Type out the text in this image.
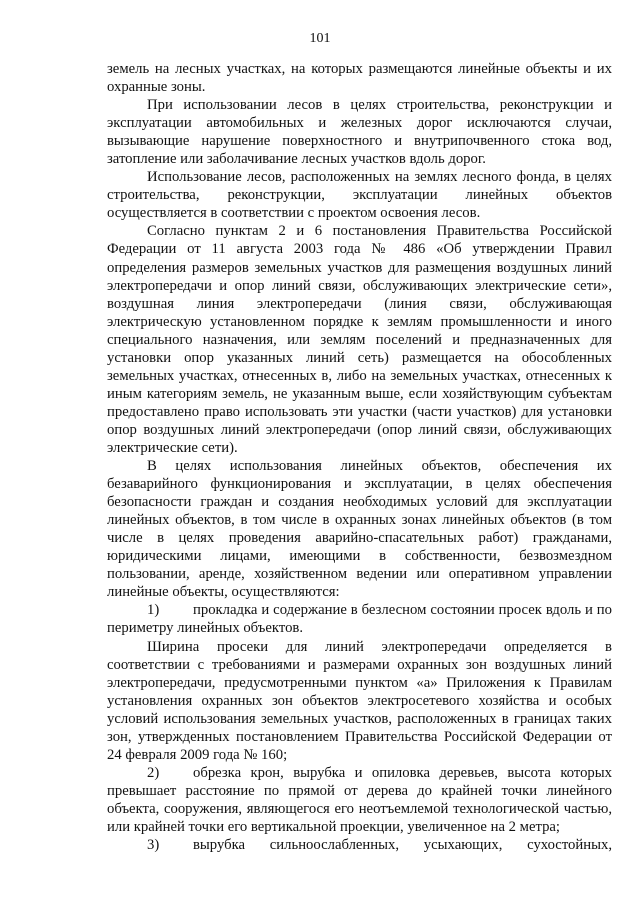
101

земель на лесных участках, на которых размещаются линейные объекты и их охранные зоны.

При использовании лесов в целях строительства, реконструкции и эксплуатации автомобильных и железных дорог исключаются случаи, вызывающие нарушение поверхностного и внутрипочвенного стока вод, затопление или заболачивание лесных участков вдоль дорог.

Использование лесов, расположенных на землях лесного фонда, в целях строительства, реконструкции, эксплуатации линейных объектов осуществляется в соответствии с проектом освоения лесов.

Согласно пунктам 2 и 6 постановления Правительства Российской Федерации от 11 августа 2003 года № 486 «Об утверждении Правил определения размеров земельных участков для размещения воздушных линий электропередачи и опор линий связи, обслуживающих электрические сети», воздушная линия электропередачи (линия связи, обслуживающая электрическую установленном порядке к землям промышленности и иного специального назначения, или землям поселений и предназначенных для установки опор указанных линий сеть) размещается на обособленных земельных участках, отнесенных в, либо на земельных участках, отнесенных к иным категориям земель, не указанным выше, если хозяйствующим субъектам предоставлено право использовать эти участки (части участков) для установки опор воздушных линий электропередачи (опор линий связи, обслуживающих электрические сети).

В целях использования линейных объектов, обеспечения их безаварийного функционирования и эксплуатации, в целях обеспечения безопасности граждан и создания необходимых условий для эксплуатации линейных объектов, в том числе в охранных зонах линейных объектов (в том числе в целях проведения аварийно-спасательных работ) гражданами, юридическими лицами, имеющими в собственности, безвозмездном пользовании, аренде, хозяйственном ведении или оперативном управлении линейные объекты, осуществляются:

1) прокладка и содержание в безлесном состоянии просек вдоль и по периметру линейных объектов.

Ширина просеки для линий электропередачи определяется в соответствии с требованиями и размерами охранных зон воздушных линий электропередачи, предусмотренными пунктом «а» Приложения к Правилам установления охранных зон объектов электросетевого хозяйства и особых условий использования земельных участков, расположенных в границах таких зон, утвержденных постановлением Правительства Российской Федерации от 24 февраля 2009 года № 160;

2) обрезка крон, вырубка и опиловка деревьев, высота которых превышает расстояние по прямой от дерева до крайней точки линейного объекта, сооружения, являющегося его неотъемлемой технологической частью, или крайней точки его вертикальной проекции, увеличенное на 2 метра;

3) вырубка сильноослабленных, усыхающих, сухостойных,
